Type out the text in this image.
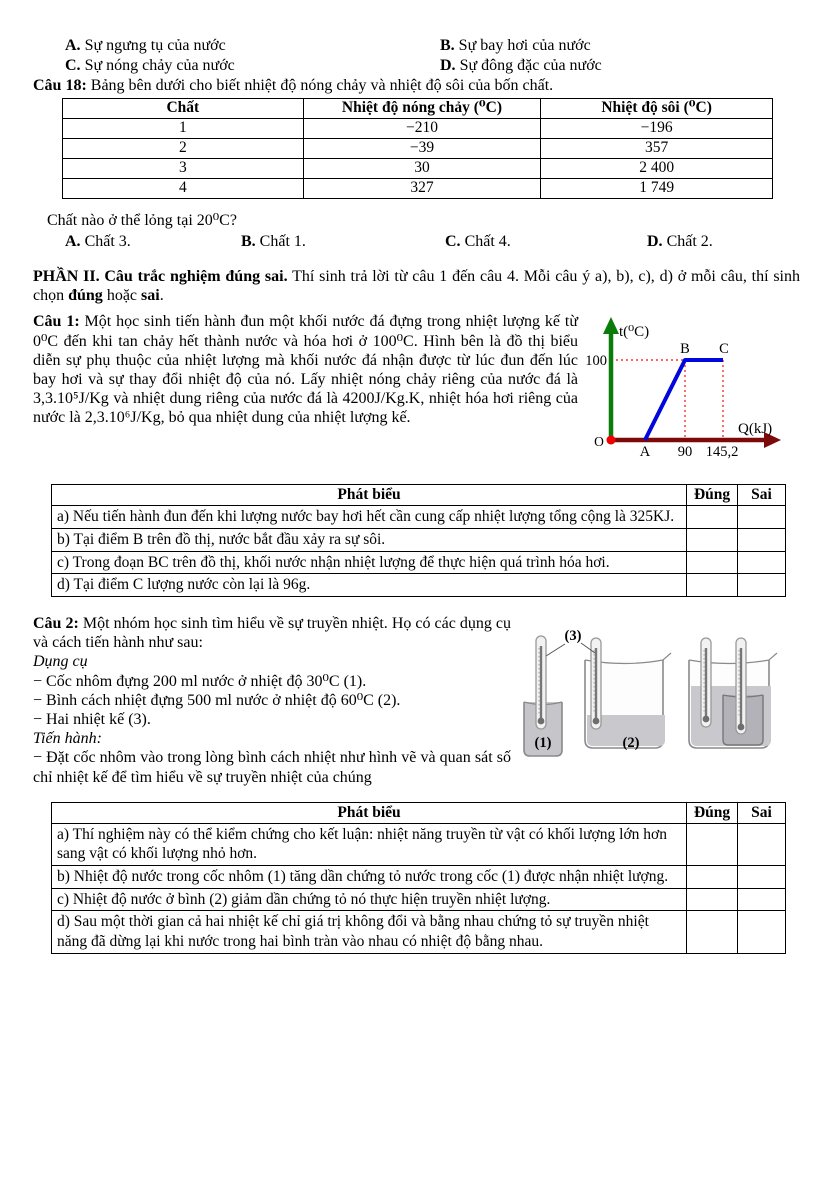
A. Sự ngưng tụ của nước	B. Sự bay hơi của nước
C. Sự nóng chảy của nước	D. Sự đông đặc của nước

Câu 18: Bảng bên dưới cho biết nhiệt độ nóng chảy và nhiệt độ sôi của bốn chất.

Chất	Nhiệt độ nóng chảy (⁰C)	Nhiệt độ sôi (⁰C)
1	−210	−196
2	−39	357
3	30	2 400
4	327	1 749

Chất nào ở thể lỏng tại 20⁰C?

A. Chất 3.	B. Chất 1.	C. Chất 4.	D. Chất 2.

PHẦN II. Câu trắc nghiệm đúng sai. Thí sinh trả lời từ câu 1 đến câu 4. Mỗi câu ý a), b), c), d) ở mỗi câu, thí sinh chọn đúng hoặc sai.

Câu 1: Một học sinh tiến hành đun một khối nước đá đựng trong nhiệt lượng kế từ 0⁰C đến khi tan chảy hết thành nước và hóa hơi ở 100⁰C. Hình bên là đồ thị biểu diễn sự phụ thuộc của nhiệt lượng mà khối nước đá nhận được từ lúc đun đến lúc bay hơi và sự thay đổi nhiệt độ của nó. Lấy nhiệt nóng chảy riêng của nước đá là 3,3.10⁵J/Kg và nhiệt dung riêng của nước đá là 4200J/Kg.K, nhiệt hóa hơi riêng của nước là 2,3.10⁶J/Kg, bỏ qua nhiệt dung của nhiệt lượng kế.

t(⁰C)
Q(kJ)
100
O
B C
A 90 145,2
Phát biểu	Đúng	Sai
a) Nếu tiến hành đun đến khi lượng nước bay hơi hết cần cung cấp nhiệt lượng tổng cộng là 325KJ.		
b) Tại điểm B trên đồ thị, nước bắt đầu xảy ra sự sôi.		
c) Trong đoạn BC trên đồ thị, khối nước nhận nhiệt lượng để thực hiện quá trình hóa hơi.		
d) Tại điểm C lượng nước còn lại là 96g.		

Câu 2: Một nhóm học sinh tìm hiểu về sự truyền nhiệt. Họ có các dụng cụ và cách tiến hành như sau:

Dụng cụ

− Cốc nhôm đựng 200 ml nước ở nhiệt độ 30⁰C (1).

− Bình cách nhiệt đựng 500 ml nước ở nhiệt độ 60⁰C (2).

− Hai nhiệt kế (3).

Tiến hành:

− Đặt cốc nhôm vào trong lòng bình cách nhiệt như hình vẽ và quan sát số chỉ nhiệt kế để tìm hiểu về sự truyền nhiệt của chúng

(3)
(1)	(2)
Phát biểu	Đúng	Sai
a) Thí nghiệm này có thể kiểm chứng cho kết luận: nhiệt năng truyền từ vật có khối lượng lớn hơn sang vật có khối lượng nhỏ hơn.		
b) Nhiệt độ nước trong cốc nhôm (1) tăng dần chứng tỏ nước trong cốc (1) được nhận nhiệt lượng.		
c) Nhiệt độ nước ở bình (2) giảm dần chứng tỏ nó thực hiện truyền nhiệt lượng.		
d) Sau một thời gian cả hai nhiệt kế chỉ giá trị không đổi và bằng nhau chứng tỏ sự truyền nhiệt năng đã dừng lại khi nước trong hai bình tràn vào nhau có nhiệt độ bằng nhau.		
